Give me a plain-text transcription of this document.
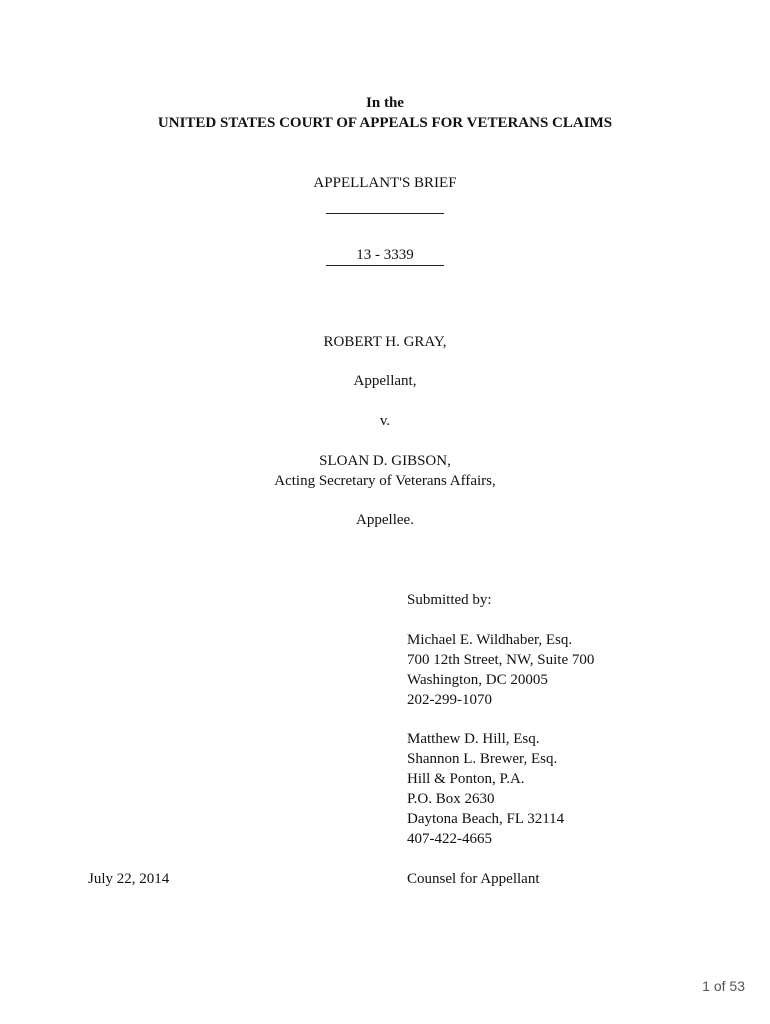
In the
UNITED STATES COURT OF APPEALS FOR VETERANS CLAIMS
APPELLANT'S BRIEF
13 - 3339
ROBERT H. GRAY,
Appellant,
v.
SLOAN D. GIBSON,
Acting Secretary of Veterans Affairs,
Appellee.
Submitted by:
Michael E. Wildhaber, Esq.
700 12th Street, NW, Suite 700
Washington, DC 20005
202-299-1070
Matthew D. Hill, Esq.
Shannon L. Brewer, Esq.
Hill & Ponton, P.A.
P.O. Box 2630
Daytona Beach, FL 32114
407-422-4665
Counsel for Appellant
July 22, 2014
1 of 53
